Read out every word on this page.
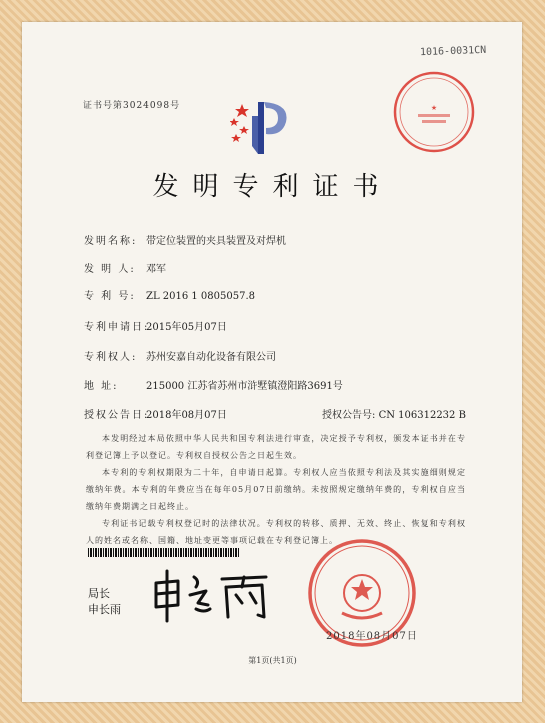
1016-0031CN
★
证书号第3024098号
发明专利证书
发明名称: 带定位装置的夹具装置及对焊机
发 明 人: 邓军
专 利 号: ZL 2016 1 0805057.8
专利申请日:2015年05月07日
专利权人: 苏州安嘉自动化设备有限公司
地 址:	215000 江苏省苏州市浒墅镇澄阳路3691号
授权公告日:2018年08月07日	授权公告号: CN 106312232 B

本发明经过本局依照中华人民共和国专利法进行审查，决定授予专利权，颁发本证书并在专利登记簿上予以登记。专利权自授权公告之日起生效。

本专利的专利权期限为二十年，自申请日起算。专利权人应当依照专利法及其实施细则规定缴纳年费。本专利的年费应当在每年05月07日前缴纳。未按照规定缴纳年费的，专利权自应当缴纳年费期满之日起终止。

专利证书记载专利权登记时的法律状况。专利权的转移、质押、无效、终止、恢复和专利权人的姓名或名称、国籍、地址变更等事项记载在专利登记簿上。

局长
申长雨
2018年08月07日
第1页(共1页)
